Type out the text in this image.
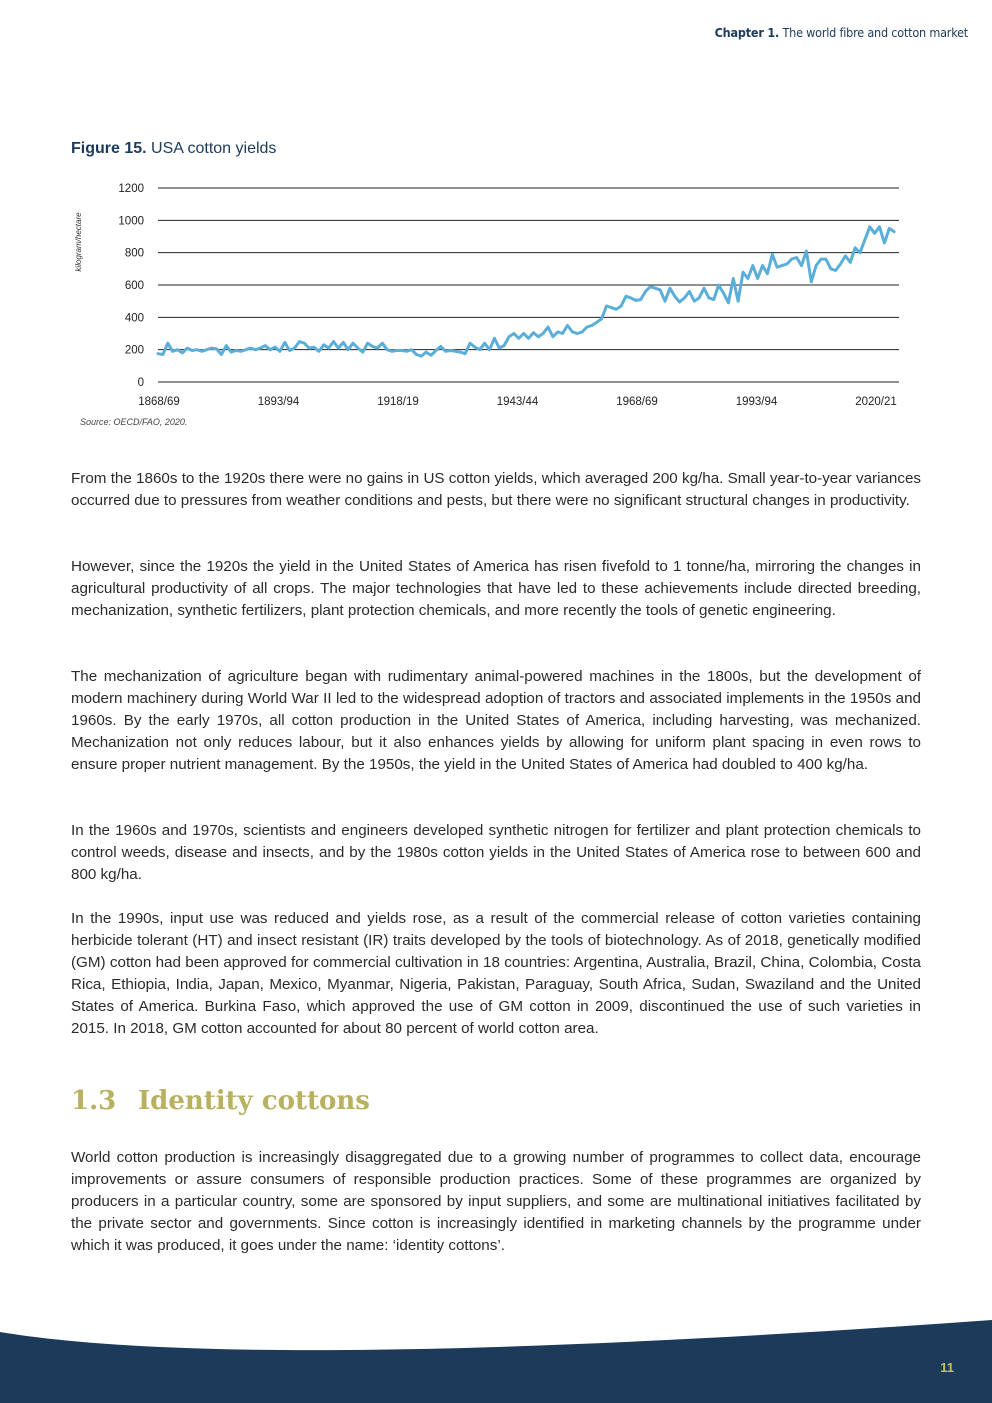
Chapter 1. The world fibre and cotton market
Figure 15. USA cotton yields
0
200
400
600
800
1000
1200
1868/69	1893/94	1918/19	1943/44	1968/69	1993/94	2020/21
kilogram/hectare
Source: OECD/FAO, 2020.

From the 1860s to the 1920s there were no gains in US cotton yields, which averaged 200 kg/ha. Small year-to-year variances occurred due to pressures from weather conditions and pests, but there were no significant structural changes in productivity.

However, since the 1920s the yield in the United States of America has risen fivefold to 1 tonne/ha, mirroring the changes in agricultural productivity of all crops. The major technologies that have led to these achievements include directed breeding, mechanization, synthetic fertilizers, plant protection chemicals, and more recently the tools of genetic engineering.

The mechanization of agriculture began with rudimentary animal-powered machines in the 1800s, but the development of modern machinery during World War II led to the widespread adoption of tractors and associated implements in the 1950s and 1960s. By the early 1970s, all cotton production in the United States of America, including harvesting, was mechanized. Mechanization not only reduces labour, but it also enhances yields by allowing for uniform plant spacing in even rows to ensure proper nutrient management. By the 1950s, the yield in the United States of America had doubled to 400 kg/ha.

In the 1960s and 1970s, scientists and engineers developed synthetic nitrogen for fertilizer and plant protection chemicals to control weeds, disease and insects, and by the 1980s cotton yields in the United States of America rose to between 600 and 800 kg/ha.

In the 1990s, input use was reduced and yields rose, as a result of the commercial release of cotton varieties containing herbicide tolerant (HT) and insect resistant (IR) traits developed by the tools of biotechnology. As of 2018, genetically modified (GM) cotton had been approved for commercial cultivation in 18 countries: Argentina, Australia, Brazil, China, Colombia, Costa Rica, Ethiopia, India, Japan, Mexico, Myanmar, Nigeria, Pakistan, Paraguay, South Africa, Sudan, Swaziland and the United States of America. Burkina Faso, which approved the use of GM cotton in 2009, discontinued the use of such varieties in 2015. In 2018, GM cotton accounted for about 80 percent of world cotton area.

1.3 Identity cottons

World cotton production is increasingly disaggregated due to a growing number of programmes to collect data, encourage improvements or assure consumers of responsible production practices. Some of these programmes are organized by producers in a particular country, some are sponsored by input suppliers, and some are multinational initiatives facilitated by the private sector and governments. Since cotton is increasingly identified in marketing channels by the programme under which it was produced, it goes under the name: ‘identity cottons’.

11
